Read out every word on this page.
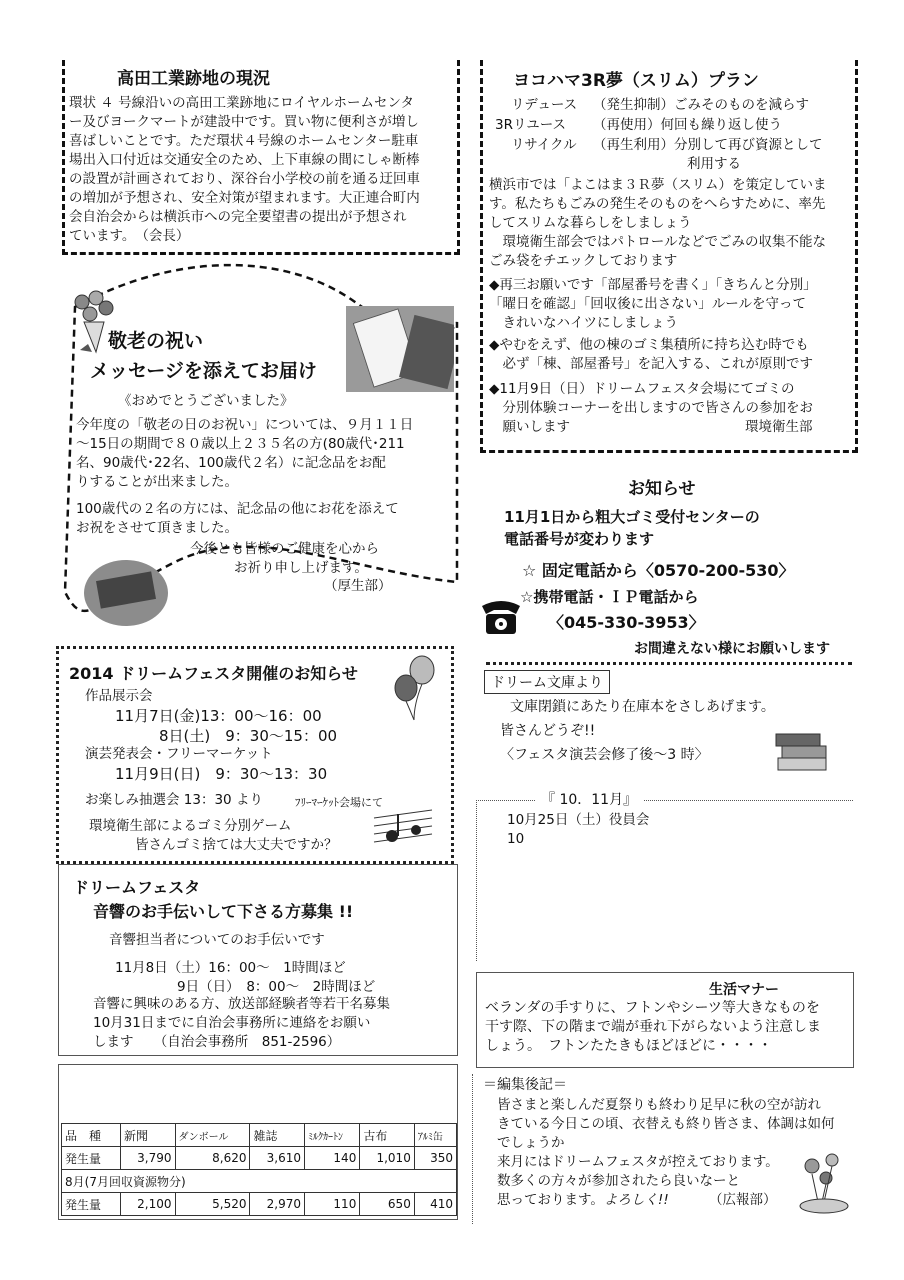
高田工業跡地の現況

環状 ４ 号線沿いの高田工業跡地にロイヤルホームセンタ

ー及びヨークマートが建設中です。買い物に便利さが増し

喜ばしいことです。ただ環状４号線のホームセンター駐車

場出入口付近は交通安全のため、上下車線の間にしゃ断棒

の設置が計画されており、深谷台小学校の前を通る迂回車

の増加が予想され、安全対策が望まれます。大正連合町内

会自治会からは横浜市への完全要望書の提出が予想され

ています。　（会長）

敬老の祝い
メッセージを添えてお届け
《おめでとうございました》

今年度の「敬老の日のお祝い」については、９月１１日

〜15日の期間で８０歳以上２３５名の方(80歳代･211

名、90歳代･22名、100歳代２名）に記念品をお配

りすることが出来ました。

100歳代の２名の方には、記念品の他にお花を添えて

お祝をさせて頂きました。

今後とも皆様のご健康を心から

お祈り申し上げます。

（厚生部）
2014 ドリームフェスタ開催のお知らせ
作品展示会
11月7日(金)13：00〜16：00
8日(土)　9：30〜15：00
演芸発表会・フリーマーケット
11月9日(日)　9：30〜13：30
お楽しみ抽選会 13：30 より	ﾌﾘｰﾏｰｹｯﾄ会場にて
環境衛生部によるゴミ分別ゲーム
皆さんゴミ捨ては大丈夫ですか？
ドリームフェスタ
音響のお手伝いして下さる方募集 !!
音響担当者についてのお手伝いです
11月8日（土）16：00〜　1時間ほど
9日（日）　8：00〜　2時間ほど
音響に興味のある方、放送部経験者等若干名募集
10月31日までに自治会事務所に連絡をお願い
します　　（自治会事務所　851-2596）
品　種	新聞	ダンボール	雑誌	ﾐﾙｸｶｰﾄﾝ	古布	ｱﾙﾐ缶
発生量	3,790	8,620	3,610	140	1,010	350
8月(7月回収資源物分)						
発生量	2,100	5,520	2,970	110	650	410
ヨコハマ3R夢（スリム）プラン
リデュース （発生抑制）ごみそのものを減らす
3Rリユース （再使用）何回も繰り返し使う
リサイクル （再生利用）分別して再び資源として
利用する

横浜市では「よこはま３Ｒ夢（スリム）を策定していま

す。私たちもごみの発生そのものをへらすために、率先

してスリムな暮らしをしましょう

　環境衛生部会ではパトロールなどでごみの収集不能な

ごみ袋をチエックしております

◆再三お願いです「部屋番号を書く」「きちんと分別」

「曜日を確認」「回収後に出さない」ルールを守って

　きれいなハイツにしましょう

◆やむをえず、他の棟のゴミ集積所に持ち込む時でも

　必ず「棟、部屋番号」を記入する、これが原則です

◆11月9日（日）ドリームフェスタ会場にてゴミの

　分別体験コーナーを出しますので皆さんの参加をお

　願いします	環境衛生部
お知らせ
11月1日から粗大ゴミ受付センターの
電話番号が変わります
☆ 固定電話から〈0570-200-530〉
☆携帯電話・ＩＰ電話から
〈045-330-3953〉
お間違えない様にお願いします
ドリーム文庫より
文庫閉鎖にあたり在庫本をさしあげます。
皆さんどうぞ!!
〈フェスタ演芸会修了後〜3 時〉
『 10．11月』
10月25日（土）役員会
10
生活マナー

ベランダの手すりに、フトンやシーツ等大きなものを

干す際、下の階まで端が垂れ下がらないよう注意しま

しょう。　フトンたたきもほどほどに・・・・

＝編集後記＝

皆さまと楽しんだ夏祭りも終わり足早に秋の空が訪れ

きている今日この頃、衣替えも終り皆さま、体調は如何

でしょうか

来月にはドリームフェスタが控えております。

数多くの方々が参加されたら良いなーと

思っております。よろしく!!	（広報部）
